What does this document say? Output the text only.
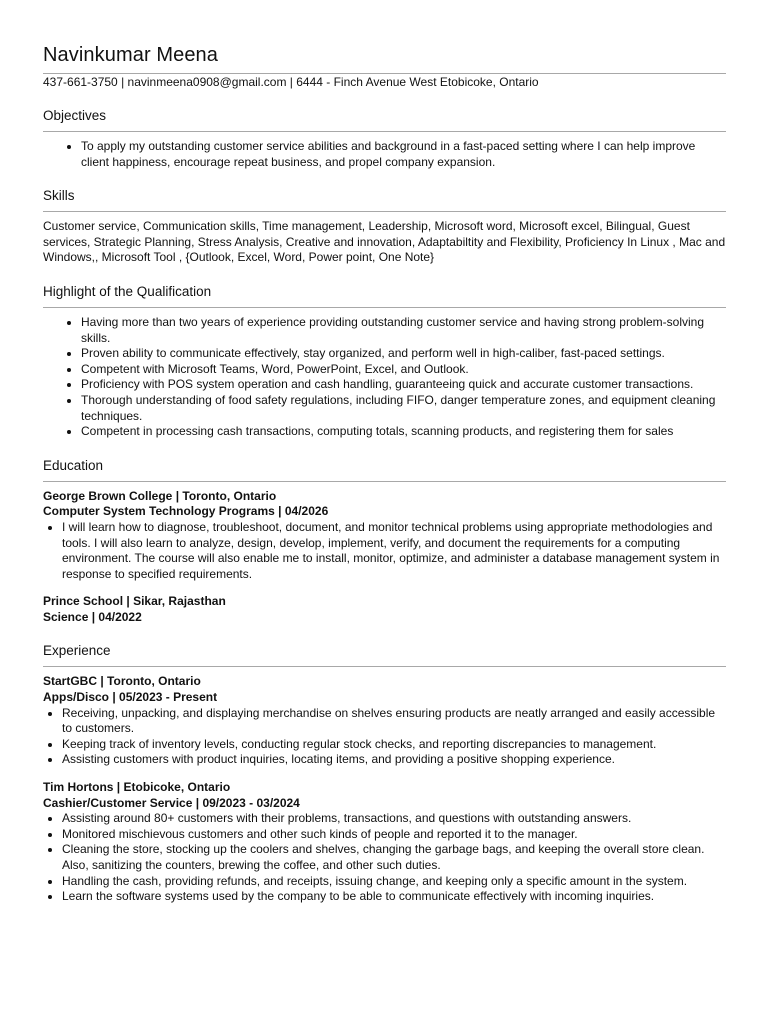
Navinkumar Meena
437-661-3750 | navinmeena0908@gmail.com | 6444 - Finch Avenue West Etobicoke, Ontario
Objectives
• To apply my outstanding customer service abilities and background in a fast-paced setting where I can help improve client happiness, encourage repeat business, and propel company expansion.
Skills

Customer service, Communication skills, Time management, Leadership, Microsoft word, Microsoft excel, Bilingual, Guest services, Strategic Planning, Stress Analysis, Creative and innovation, Adaptabiltity and Flexibility, Proficiency In Linux , Mac and Windows,, Microsoft Tool , {Outlook, Excel, Word, Power point, One Note}

Highlight of the Qualification
• Having more than two years of experience providing outstanding customer service and having strong problem-solving skills.
• Proven ability to communicate effectively, stay organized, and perform well in high-caliber, fast-paced settings.
• Competent with Microsoft Teams, Word, PowerPoint, Excel, and Outlook.
• Proficiency with POS system operation and cash handling, guaranteeing quick and accurate customer transactions.
• Thorough understanding of food safety regulations, including FIFO, danger temperature zones, and equipment cleaning techniques.
• Competent in processing cash transactions, computing totals, scanning products, and registering them for sales
Education
George Brown College | Toronto, Ontario
Computer System Technology Programs | 04/2026
• I will learn how to diagnose, troubleshoot, document, and monitor technical problems using appropriate methodologies and tools. I will also learn to analyze, design, develop, implement, verify, and document the requirements for a computing environment. The course will also enable me to install, monitor, optimize, and administer a database management system in response to specified requirements.
Prince School | Sikar, Rajasthan
Science | 04/2022
Experience
StartGBC | Toronto, Ontario
Apps/Disco | 05/2023 - Present
• Receiving, unpacking, and displaying merchandise on shelves ensuring products are neatly arranged and easily accessible to customers.
• Keeping track of inventory levels, conducting regular stock checks, and reporting discrepancies to management.
• Assisting customers with product inquiries, locating items, and providing a positive shopping experience.
Tim Hortons | Etobicoke, Ontario
Cashier/Customer Service | 09/2023 - 03/2024
• Assisting around 80+ customers with their problems, transactions, and questions with outstanding answers.
• Monitored mischievous customers and other such kinds of people and reported it to the manager.
• Cleaning the store, stocking up the coolers and shelves, changing the garbage bags, and keeping the overall store clean. Also, sanitizing the counters, brewing the coffee, and other such duties.
• Handling the cash, providing refunds, and receipts, issuing change, and keeping only a specific amount in the system.
• Learn the software systems used by the company to be able to communicate effectively with incoming inquiries.
